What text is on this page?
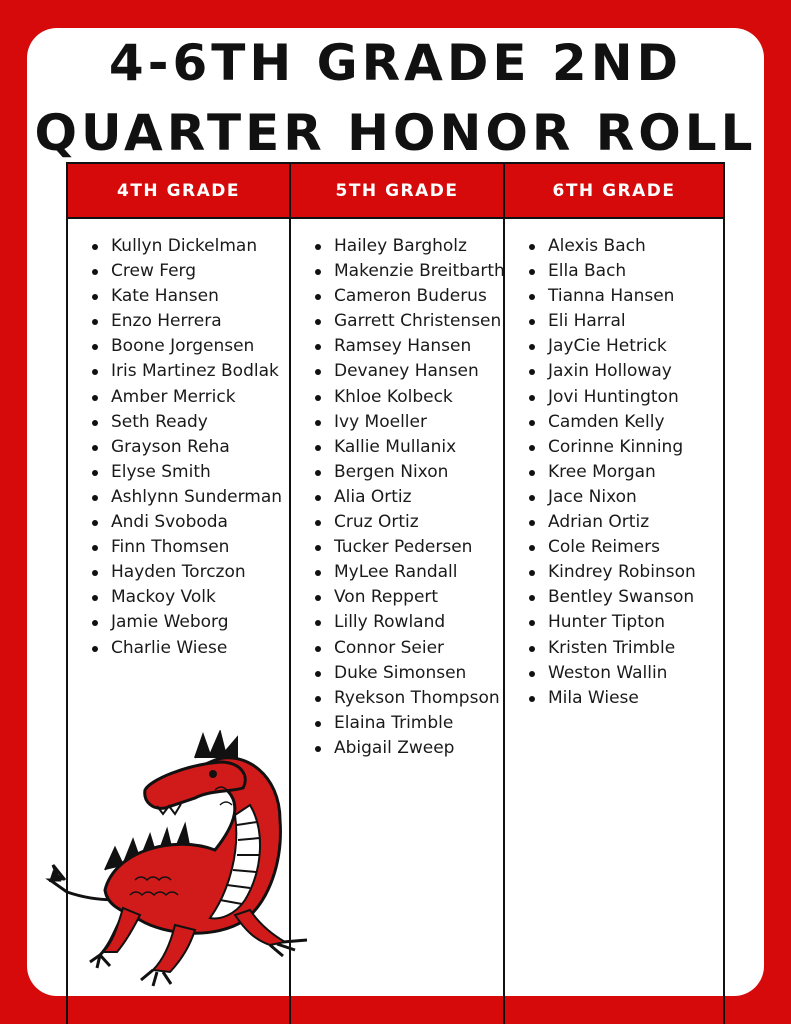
4-6TH GRADE 2ND
QUARTER HONOR ROLL
4TH GRADE
Kullyn Dickelman
Crew Ferg
Kate Hansen
Enzo Herrera
Boone Jorgensen
Iris Martinez Bodlak
Amber Merrick
Seth Ready
Grayson Reha
Elyse Smith
Ashlynn Sunderman
Andi Svoboda
Finn Thomsen
Hayden Torczon
Mackoy Volk
Jamie Weborg
Charlie Wiese
5TH GRADE
Hailey Bargholz
Makenzie Breitbarth
Cameron Buderus
Garrett Christensen
Ramsey Hansen
Devaney Hansen
Khloe Kolbeck
Ivy Moeller
Kallie Mullanix
Bergen Nixon
Alia Ortiz
Cruz Ortiz
Tucker Pedersen
MyLee Randall
Von Reppert
Lilly Rowland
Connor Seier
Duke Simonsen
Ryekson Thompson
Elaina Trimble
Abigail Zweep
6TH GRADE
Alexis Bach
Ella Bach
Tianna Hansen
Eli Harral
JayCie Hetrick
Jaxin Holloway
Jovi Huntington
Camden Kelly
Corinne Kinning
Kree Morgan
Jace Nixon
Adrian Ortiz
Cole Reimers
Kindrey Robinson
Bentley Swanson
Hunter Tipton
Kristen Trimble
Weston Wallin
Mila Wiese
